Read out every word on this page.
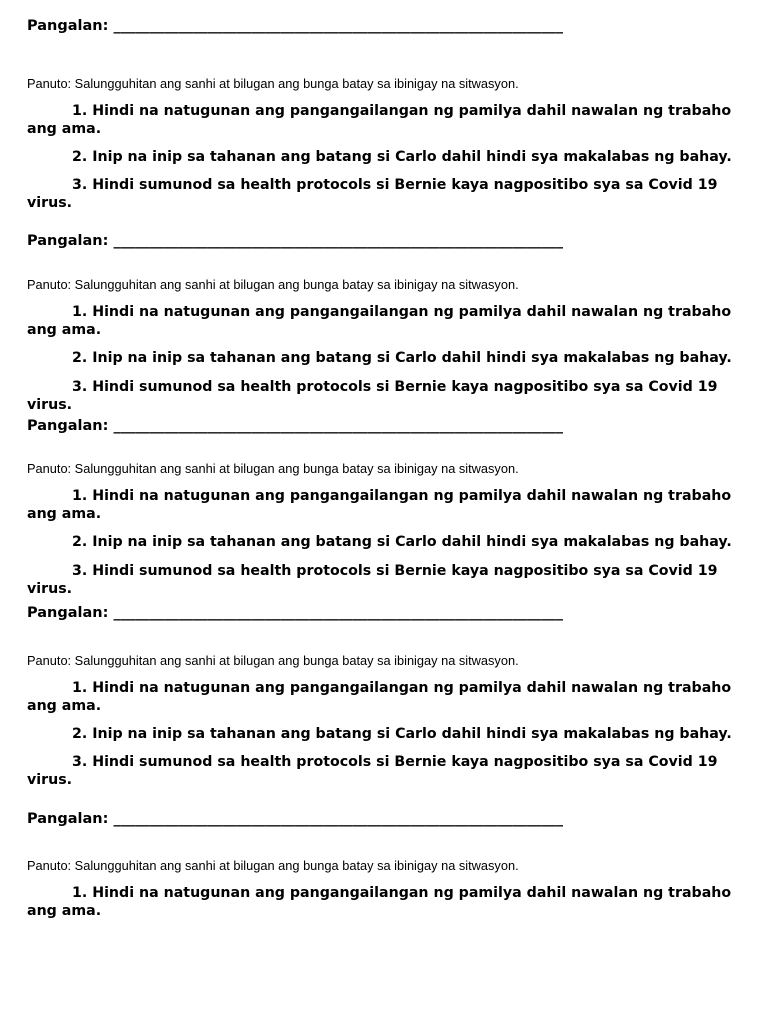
Pangalan: ______________________________________________________________
Panuto: Salungguhitan ang sanhi at bilugan ang bunga batay sa ibinigay na sitwasyon.
1. Hindi na natugunan ang pangangailangan ng pamilya dahil nawalan ng trabaho ang ama.
2. Inip na inip sa tahanan ang batang si Carlo dahil hindi sya makalabas ng bahay.
3. Hindi sumunod sa health protocols si Bernie kaya nagpositibo sya sa Covid 19 virus.
Pangalan: ______________________________________________________________
Panuto: Salungguhitan ang sanhi at bilugan ang bunga batay sa ibinigay na sitwasyon.
1. Hindi na natugunan ang pangangailangan ng pamilya dahil nawalan ng trabaho ang ama.
2. Inip na inip sa tahanan ang batang si Carlo dahil hindi sya makalabas ng bahay.
3. Hindi sumunod sa health protocols si Bernie kaya nagpositibo sya sa Covid 19 virus.
Pangalan: ______________________________________________________________
Panuto: Salungguhitan ang sanhi at bilugan ang bunga batay sa ibinigay na sitwasyon.
1. Hindi na natugunan ang pangangailangan ng pamilya dahil nawalan ng trabaho ang ama.
2. Inip na inip sa tahanan ang batang si Carlo dahil hindi sya makalabas ng bahay.
3. Hindi sumunod sa health protocols si Bernie kaya nagpositibo sya sa Covid 19 virus.
Pangalan: ______________________________________________________________
Panuto: Salungguhitan ang sanhi at bilugan ang bunga batay sa ibinigay na sitwasyon.
1. Hindi na natugunan ang pangangailangan ng pamilya dahil nawalan ng trabaho ang ama.
2. Inip na inip sa tahanan ang batang si Carlo dahil hindi sya makalabas ng bahay.
3. Hindi sumunod sa health protocols si Bernie kaya nagpositibo sya sa Covid 19 virus.
Pangalan: ______________________________________________________________
Panuto: Salungguhitan ang sanhi at bilugan ang bunga batay sa ibinigay na sitwasyon.
1. Hindi na natugunan ang pangangailangan ng pamilya dahil nawalan ng trabaho ang ama.
